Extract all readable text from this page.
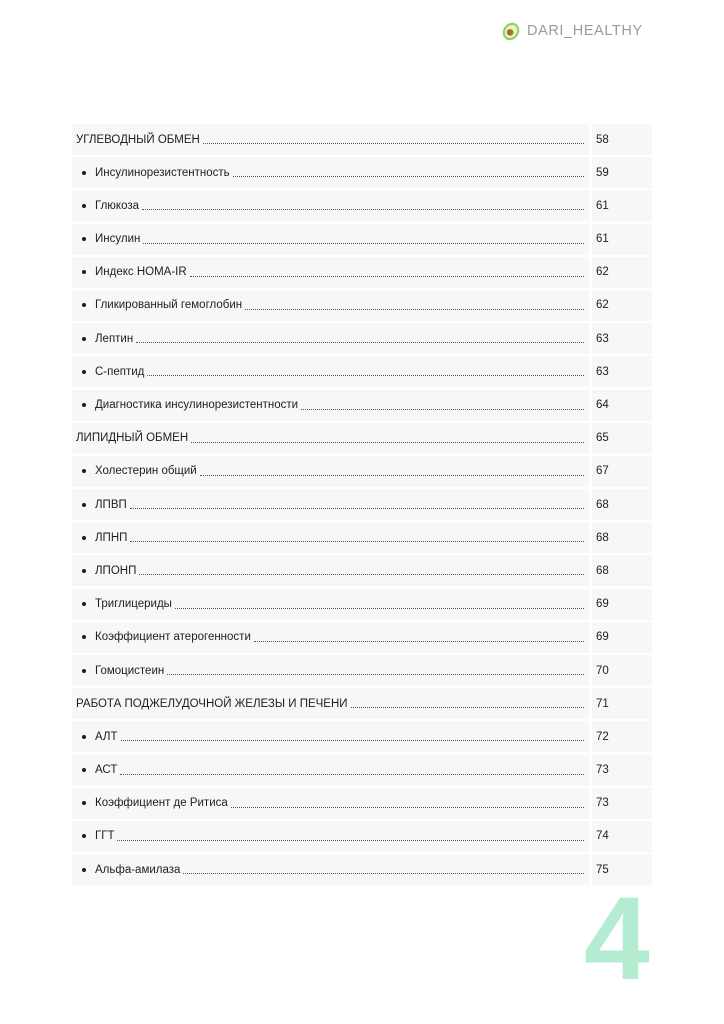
DARI_HEALTHY
УГЛЕВОДНЫЙ ОБМЕН	58
Инсулинорезистентность	59
Глюкоза	61
Инсулин	61
Индекс HOMA-IR	62
Гликированный гемоглобин	62
Лептин	63
С-пептид	63
Диагностика инсулинорезистентности	64
ЛИПИДНЫЙ ОБМЕН	65
Холестерин общий	67
ЛПВП	68
ЛПНП	68
ЛПОНП	68
Триглицериды	69
Коэффициент атерогенности	69
Гомоцистеин	70
РАБОТА ПОДЖЕЛУДОЧНОЙ ЖЕЛЕЗЫ И ПЕЧЕНИ	71
АЛТ	72
АСТ	73
Коэффициент де Ритиса	73
ГГТ	74
Альфа-амилаза	75
4
